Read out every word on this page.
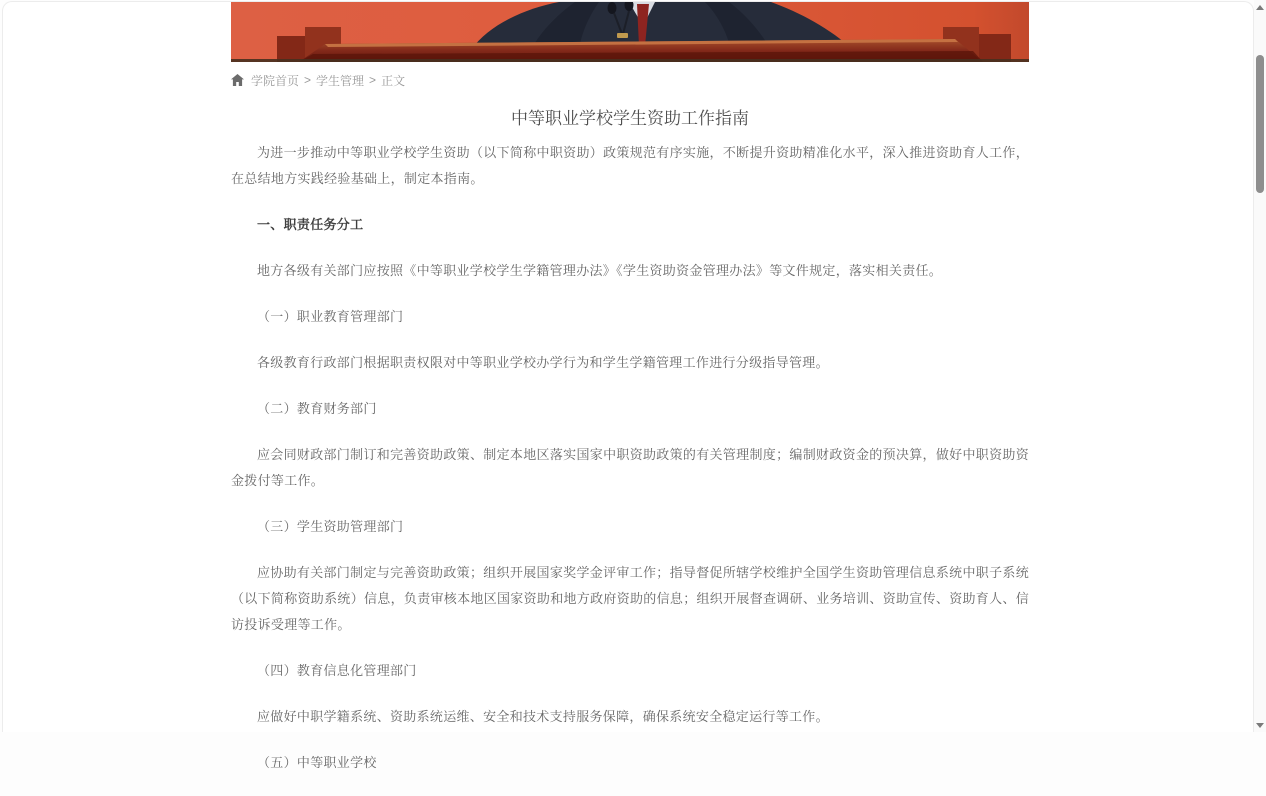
学院首页 > 学生管理 > 正文
中等职业学校学生资助工作指南

为进一步推动中等职业学校学生资助（以下简称中职资助）政策规范有序实施，不断提升资助精准化水平，深入推进资助育人工作，在总结地方实践经验基础上，制定本指南。

一、职责任务分工

地方各级有关部门应按照《中等职业学校学生学籍管理办法》《学生资助资金管理办法》等文件规定，落实相关责任。

（一）职业教育管理部门

各级教育行政部门根据职责权限对中等职业学校办学行为和学生学籍管理工作进行分级指导管理。

（二）教育财务部门

应会同财政部门制订和完善资助政策、制定本地区落实国家中职资助政策的有关管理制度；编制财政资金的预决算，做好中职资助资金拨付等工作。

（三）学生资助管理部门

应协助有关部门制定与完善资助政策；组织开展国家奖学金评审工作；指导督促所辖学校维护全国学生资助管理信息系统中职子系统（以下简称资助系统）信息，负责审核本地区国家资助和地方政府资助的信息；组织开展督查调研、业务培训、资助宣传、资助育人、信访投诉受理等工作。

（四）教育信息化管理部门

应做好中职学籍系统、资助系统运维、安全和技术支持服务保障，确保系统安全稳定运行等工作。

（五）中等职业学校
